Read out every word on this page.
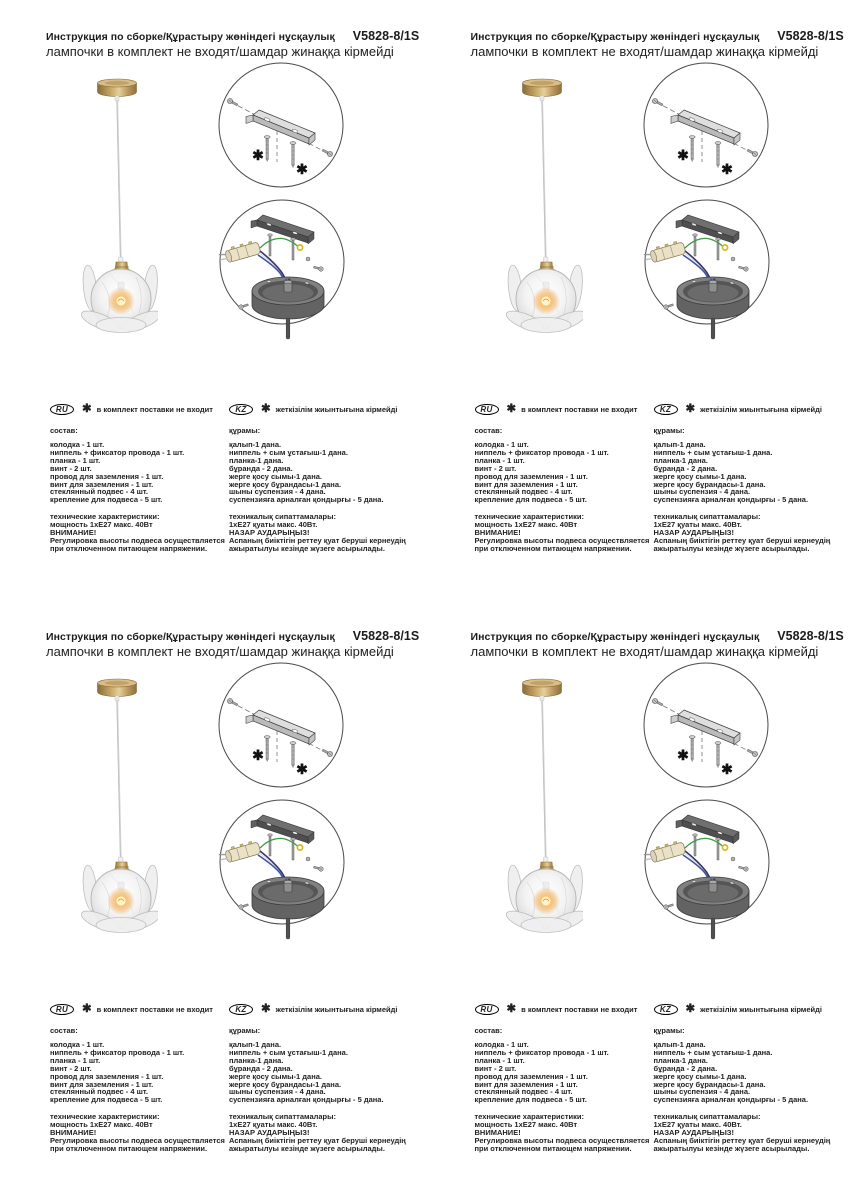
Инструкция по сборке/Құрастыру жөніндегі нұсқаулық V5828-8/1S
лампочки в комплект не входят/шамдар жинаққа кірмейді
✱
✱
RU	✱ в комплект поставки не входит
состав:
колодка - 1 шт.
ниппель + фиксатор провода - 1 шт.
планка - 1 шт.
винт - 2 шт.
провод для заземления - 1 шт.
винт для заземления - 1 шт.
стеклянный подвес - 4 шт.
крепление для подвеса - 5 шт.
технические характеристики:
мощность 1хЕ27 макс. 40Вт
ВНИМАНИЕ!
Регулировка высоты подвеса осуществляется при отключенном питающем напряжении.
KZ	✱ жеткізілім жиынтығына кірмейді
құрамы:
қалып-1 дана.
ниппель + сым ұстағыш-1 дана.
планка-1 дана.
бұранда - 2 дана.
жерге қосу сымы-1 дана.
жерге қосу бұрандасы-1 дана.
шыны суспензия - 4 дана.
суспензияға арналған қондырғы - 5 дана.
техникалық сипаттамалары:
1хЕ27 қуаты макс. 40Вт.
НАЗАР АУДАРЫҢЫЗ!
Аспаның биіктігін реттеу қуат беруші кернеудің ажыратылуы кезінде жүзеге асырылады.
Инструкция по сборке/Құрастыру жөніндегі нұсқаулық V5828-8/1S
лампочки в комплект не входят/шамдар жинаққа кірмейді
✱
✱
RU	✱ в комплект поставки не входит
состав:
колодка - 1 шт.
ниппель + фиксатор провода - 1 шт.
планка - 1 шт.
винт - 2 шт.
провод для заземления - 1 шт.
винт для заземления - 1 шт.
стеклянный подвес - 4 шт.
крепление для подвеса - 5 шт.
технические характеристики:
мощность 1хЕ27 макс. 40Вт
ВНИМАНИЕ!
Регулировка высоты подвеса осуществляется при отключенном питающем напряжении.
KZ	✱ жеткізілім жиынтығына кірмейді
құрамы:
қалып-1 дана.
ниппель + сым ұстағыш-1 дана.
планка-1 дана.
бұранда - 2 дана.
жерге қосу сымы-1 дана.
жерге қосу бұрандасы-1 дана.
шыны суспензия - 4 дана.
суспензияға арналған қондырғы - 5 дана.
техникалық сипаттамалары:
1хЕ27 қуаты макс. 40Вт.
НАЗАР АУДАРЫҢЫЗ!
Аспаның биіктігін реттеу қуат беруші кернеудің ажыратылуы кезінде жүзеге асырылады.
Инструкция по сборке/Құрастыру жөніндегі нұсқаулық V5828-8/1S
лампочки в комплект не входят/шамдар жинаққа кірмейді
✱
✱
RU	✱ в комплект поставки не входит
состав:
колодка - 1 шт.
ниппель + фиксатор провода - 1 шт.
планка - 1 шт.
винт - 2 шт.
провод для заземления - 1 шт.
винт для заземления - 1 шт.
стеклянный подвес - 4 шт.
крепление для подвеса - 5 шт.
технические характеристики:
мощность 1хЕ27 макс. 40Вт
ВНИМАНИЕ!
Регулировка высоты подвеса осуществляется при отключенном питающем напряжении.
KZ	✱ жеткізілім жиынтығына кірмейді
құрамы:
қалып-1 дана.
ниппель + сым ұстағыш-1 дана.
планка-1 дана.
бұранда - 2 дана.
жерге қосу сымы-1 дана.
жерге қосу бұрандасы-1 дана.
шыны суспензия - 4 дана.
суспензияға арналған қондырғы - 5 дана.
техникалық сипаттамалары:
1хЕ27 қуаты макс. 40Вт.
НАЗАР АУДАРЫҢЫЗ!
Аспаның биіктігін реттеу қуат беруші кернеудің ажыратылуы кезінде жүзеге асырылады.
Инструкция по сборке/Құрастыру жөніндегі нұсқаулық V5828-8/1S
лампочки в комплект не входят/шамдар жинаққа кірмейді
✱
✱
RU	✱ в комплект поставки не входит
состав:
колодка - 1 шт.
ниппель + фиксатор провода - 1 шт.
планка - 1 шт.
винт - 2 шт.
провод для заземления - 1 шт.
винт для заземления - 1 шт.
стеклянный подвес - 4 шт.
крепление для подвеса - 5 шт.
технические характеристики:
мощность 1хЕ27 макс. 40Вт
ВНИМАНИЕ!
Регулировка высоты подвеса осуществляется при отключенном питающем напряжении.
KZ	✱ жеткізілім жиынтығына кірмейді
құрамы:
қалып-1 дана.
ниппель + сым ұстағыш-1 дана.
планка-1 дана.
бұранда - 2 дана.
жерге қосу сымы-1 дана.
жерге қосу бұрандасы-1 дана.
шыны суспензия - 4 дана.
суспензияға арналған қондырғы - 5 дана.
техникалық сипаттамалары:
1хЕ27 қуаты макс. 40Вт.
НАЗАР АУДАРЫҢЫЗ!
Аспаның биіктігін реттеу қуат беруші кернеудің ажыратылуы кезінде жүзеге асырылады.
